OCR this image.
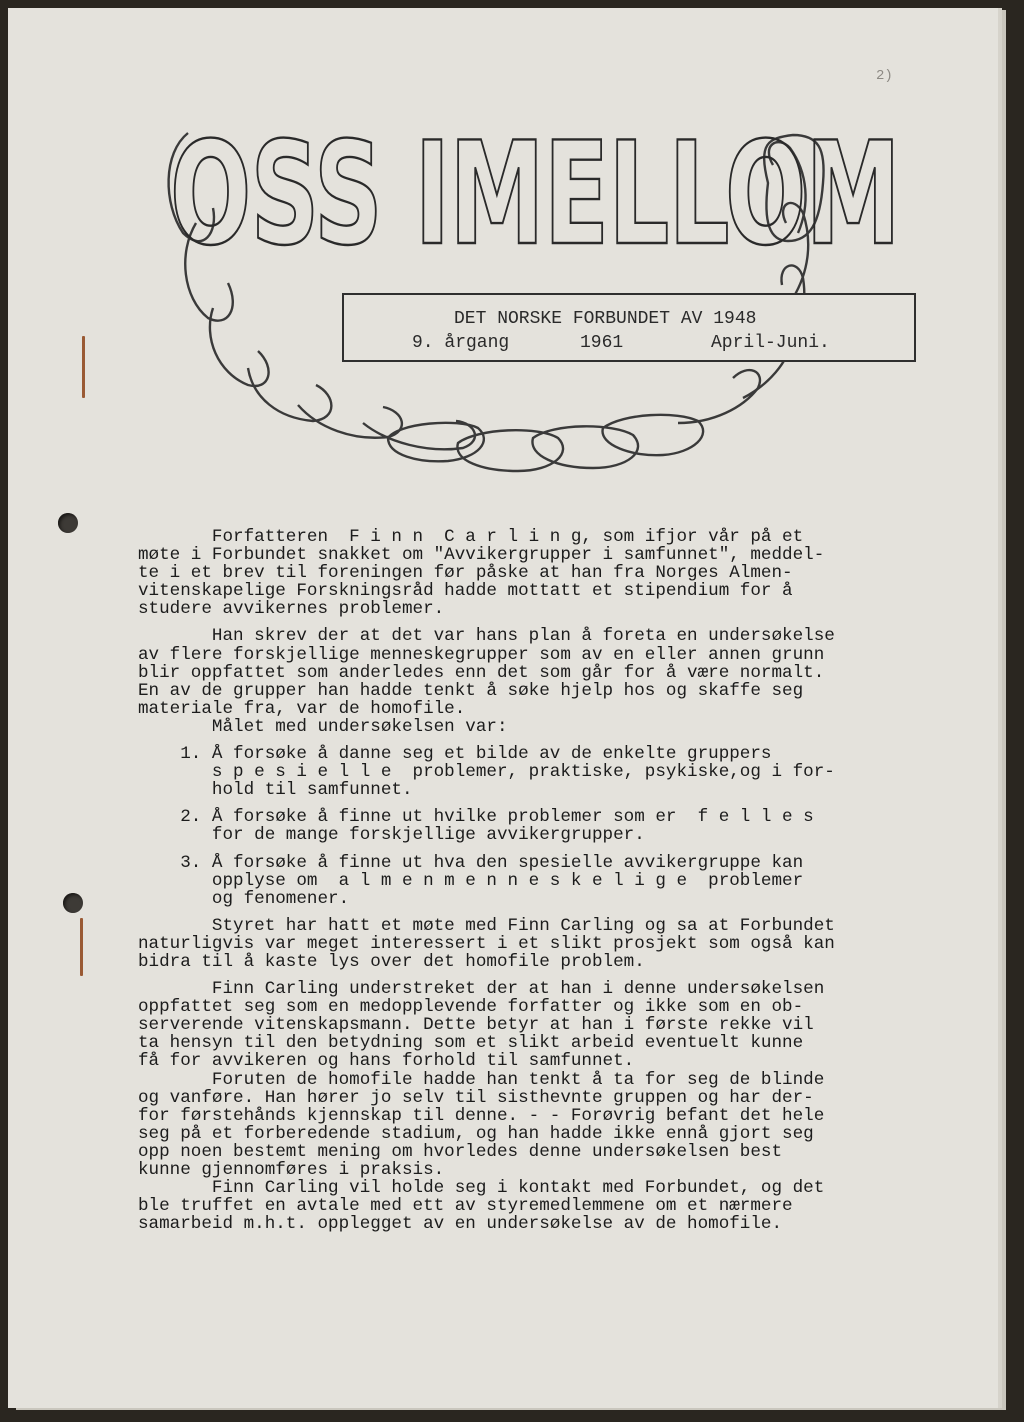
2)
OSS IMELLOM
DET NORSKE FORBUNDET AV 1948
9. årgang	1961	April-Juni.

Forfatteren  F i n n  C a r l i n g, som ifjor vår på et

møte i Forbundet snakket om "Avvikergrupper i samfunnet", meddel-

te i et brev til foreningen før påske at han fra Norges Almen-

vitenskapelige Forskningsråd hadde mottatt et stipendium for å

studere avvikernes problemer.

Han skrev der at det var hans plan å foreta en undersøkelse

av flere forskjellige menneskegrupper som av en eller annen grunn

blir oppfattet som anderledes enn det som går for å være normalt.

En av de grupper han hadde tenkt å søke hjelp hos og skaffe seg

materiale fra, var de homofile.

Målet med undersøkelsen var:

1. Å forsøke å danne seg et bilde av de enkelte gruppers

s p e s i e l l e  problemer, praktiske, psykiske,og i for-

hold til samfunnet.

2. Å forsøke å finne ut hvilke problemer som er  f e l l e s

for de mange forskjellige avvikergrupper.

3. Å forsøke å finne ut hva den spesielle avvikergruppe kan

opplyse om  a l m e n m e n n e s k e l i g e  problemer

og fenomener.

Styret har hatt et møte med Finn Carling og sa at Forbundet

naturligvis var meget interessert i et slikt prosjekt som også kan

bidra til å kaste lys over det homofile problem.

Finn Carling understreket der at han i denne undersøkelsen

oppfattet seg som en medopplevende forfatter og ikke som en ob-

serverende vitenskapsmann. Dette betyr at han i første rekke vil

ta hensyn til den betydning som et slikt arbeid eventuelt kunne

få for avvikeren og hans forhold til samfunnet.

Foruten de homofile hadde han tenkt å ta for seg de blinde

og vanføre. Han hører jo selv til sisthevnte gruppen og har der-

for førstehånds kjennskap til denne. - - Forøvrig befant det hele

seg på et forberedende stadium, og han hadde ikke ennå gjort seg

opp noen bestemt mening om hvorledes denne undersøkelsen best

kunne gjennomføres i praksis.

Finn Carling vil holde seg i kontakt med Forbundet, og det

ble truffet en avtale med ett av styremedlemmene om et nærmere

samarbeid m.h.t. opplegget av en undersøkelse av de homofile.
